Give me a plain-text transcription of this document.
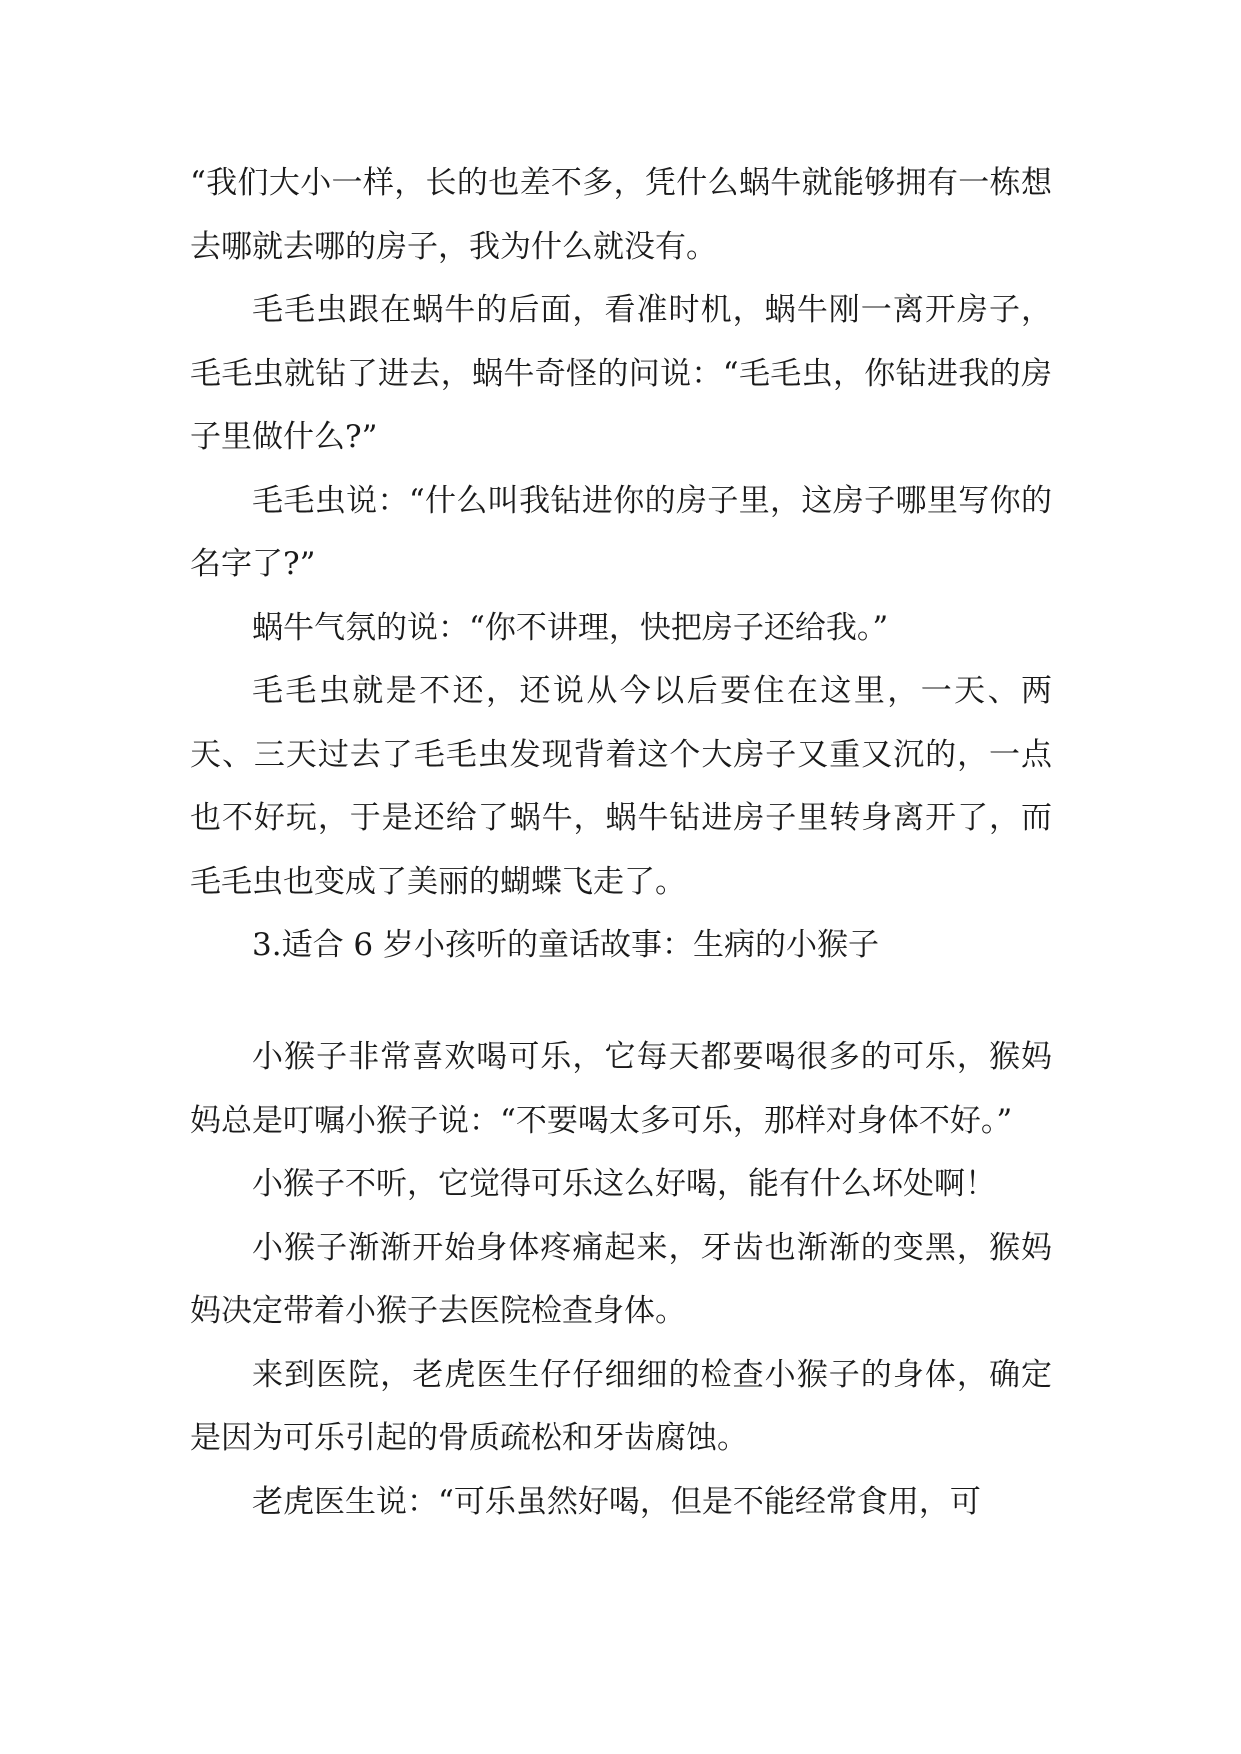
“我们大小一样，长的也差不多，凭什么蜗牛就能够拥有一栋想去哪就去哪的房子，我为什么就没有。

毛毛虫跟在蜗牛的后面，看准时机，蜗牛刚一离开房子，毛毛虫就钻了进去，蜗牛奇怪的问说：“毛毛虫，你钻进我的房子里做什么?”

毛毛虫说：“什么叫我钻进你的房子里，这房子哪里写你的名字了?”

蜗牛气氛的说：“你不讲理，快把房子还给我。”

毛毛虫就是不还，还说从今以后要住在这里，一天、两天、三天过去了毛毛虫发现背着这个大房子又重又沉的，一点也不好玩，于是还给了蜗牛，蜗牛钻进房子里转身离开了，而毛毛虫也变成了美丽的蝴蝶飞走了。

3.适合 6 岁小孩听的童话故事：生病的小猴子

小猴子非常喜欢喝可乐，它每天都要喝很多的可乐，猴妈妈总是叮嘱小猴子说：“不要喝太多可乐，那样对身体不好。”

小猴子不听，它觉得可乐这么好喝，能有什么坏处啊！

小猴子渐渐开始身体疼痛起来，牙齿也渐渐的变黑，猴妈妈决定带着小猴子去医院检查身体。

来到医院，老虎医生仔仔细细的检查小猴子的身体，确定是因为可乐引起的骨质疏松和牙齿腐蚀。

老虎医生说：“可乐虽然好喝，但是不能经常食用，可
